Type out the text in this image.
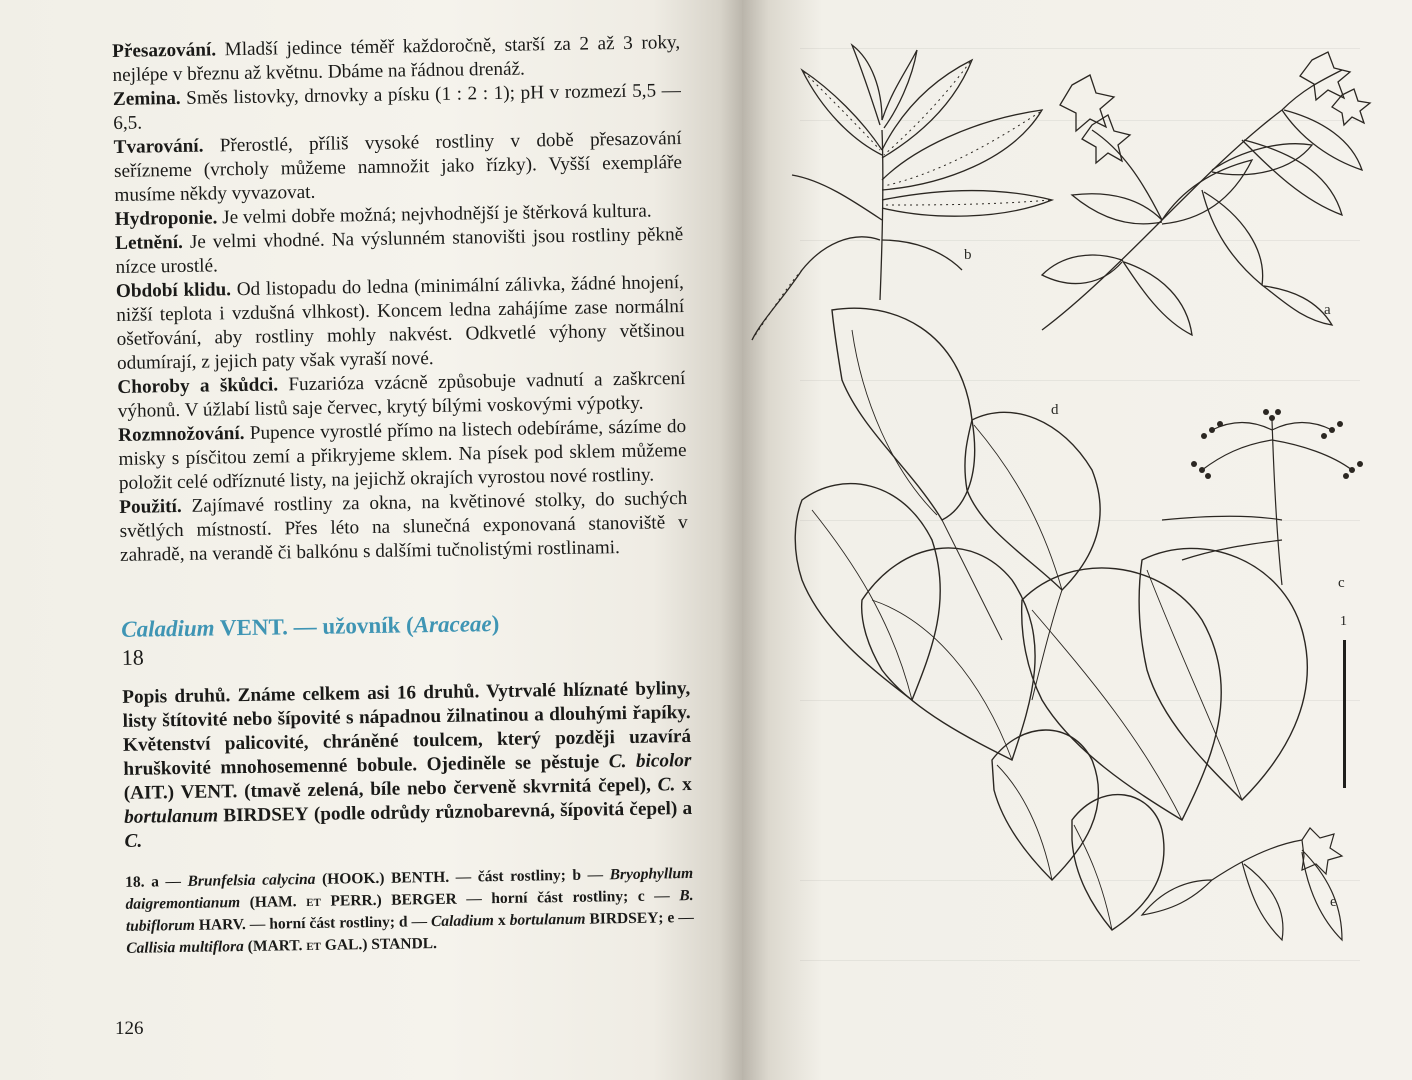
Přesazování. Mladší jedince téměř každoročně, starší za 2 až 3 roky, nejlépe v březnu až květnu. Dbáme na řádnou drenáž.

Zemina. Směs listovky, drnovky a písku (1 : 2 : 1); pH v rozmezí 5,5 — 6,5.

Tvarování. Přerostlé, příliš vysoké rostliny v době přesazování seřízneme (vrcholy můžeme namnožit jako řízky). Vyšší exempláře musíme někdy vyvazovat.

Hydroponie. Je velmi dobře možná; nejvhodnější je štěrková kultura.

Letnění. Je velmi vhodné. Na výslunném stanovišti jsou rostliny pěkně nízce urostlé.

Období klidu. Od listopadu do ledna (minimální zálivka, žádné hnojení, nižší teplota i vzdušná vlhkost). Koncem ledna zahájíme zase normální ošetřování, aby rostliny mohly nakvést. Odkvetlé výhony většinou odumírají, z jejich paty však vyraší nové.

Choroby a škůdci. Fuzarióza vzácně způsobuje vadnutí a zaškrcení výhonů. V úžlabí listů saje červec, krytý bílými voskovými výpotky.

Rozmnožování. Pupence vyrostlé přímo na listech odebíráme, sázíme do misky s písčitou zemí a přikryjeme sklem. Na písek pod sklem můžeme položit celé odříznuté listy, na jejichž okrajích vyrostou nové rostliny.

Použití. Zajímavé rostliny za okna, na květinové stolky, do suchých světlých místností. Přes léto na slunečná exponovaná stanoviště v zahradě, na verandě či balkónu s dalšími tučnolistými rostlinami.

Caladium VENT. — užovník (Araceae)

18

Popis druhů. Známe celkem asi 16 druhů. Vytrvalé hlíznaté byliny, listy štítovité nebo šípovité s nápadnou žilnatinou a dlouhými řapíky. Květenství palicovité, chráněné toulcem, který později uzavírá hruškovité mnohosemenné bobule. Ojediněle se pěstuje C. bicolor (AIT.) VENT. (tmavě zelená, bíle nebo červeně skvrnitá čepel), C. x bortulanum BIRDSEY (podle odrůdy různobarevná, šípovitá čepel) a C.

18. a — Brunfelsia calycina (HOOK.) BENTH. — část rostliny; b — Bryophyllum daigremontianum (HAM. et PERR.) BERGER — horní část rostliny; c — B. tubiflorum HARV. — horní část rostliny; d — Caladium x bortulanum BIRDSEY; e — Callisia multiflora (MART. et GAL.) STANDL.

126
b
a
d
c
e
1
